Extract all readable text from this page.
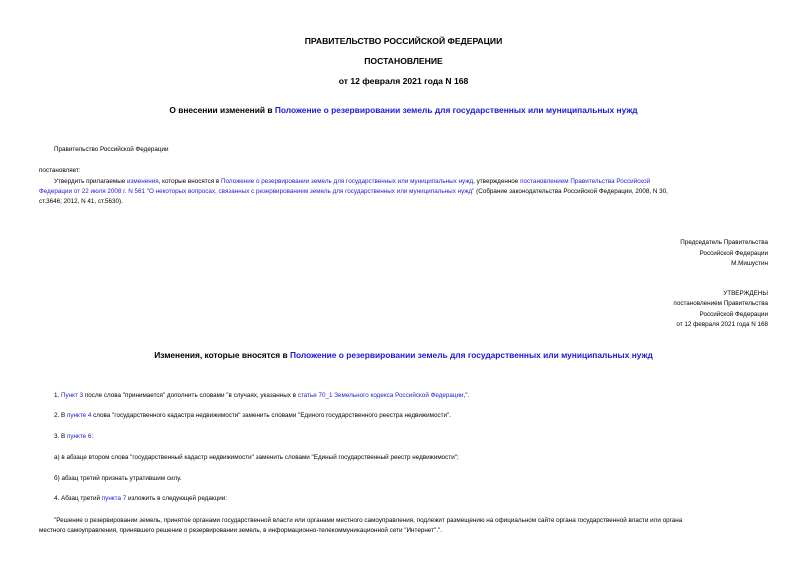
ПРАВИТЕЛЬСТВО РОССИЙСКОЙ ФЕДЕРАЦИИ
ПОСТАНОВЛЕНИЕ
от 12 февраля 2021 года N 168
О внесении изменений в Положение о резервировании земель для государственных или муниципальных нужд
Правительство Российской Федерации
постановляет:
Утвердить прилагаемые изменения, которые вносятся в Положение о резервировании земель для государственных или муниципальных нужд, утвержденное постановлением Правительства Российской
Федерации от 22 июля 2008 г. N 561 "О некоторых вопросах, связанных с резервированием земель для государственных или муниципальных нужд" (Собрание законодательства Российской Федерации, 2008, N 30,
ст.3646; 2012, N 41, ст.5630).
Председатель Правительства
Российской Федерации
М.Мишустин
УТВЕРЖДЕНЫ
постановлением Правительства
Российской Федерации
от 12 февраля 2021 года N 168
Изменения, которые вносятся в Положение о резервировании земель для государственных или муниципальных нужд
1. Пункт 3 после слова "принимается" дополнить словами "в случаях, указанных в статье 70_1 Земельного кодекса Российской Федерации,".
2. В пункте 4 слова "государственного кадастра недвижимости" заменить словами "Единого государственного реестра недвижимости".
3. В пункте 6:
а) в абзаце втором слова "государственный кадастр недвижимости" заменить словами "Единый государственный реестр недвижимости";
б) абзац третий признать утратившим силу.
4. Абзац третий пункта 7 изложить в следующей редакции:
"Решение о резервировании земель, принятое органами государственной власти или органами местного самоуправления, подлежит размещению на официальном сайте органа государственной власти или органа
местного самоуправления, принявшего решение о резервировании земель, в информационно-телекоммуникационной сети "Интернет".".
